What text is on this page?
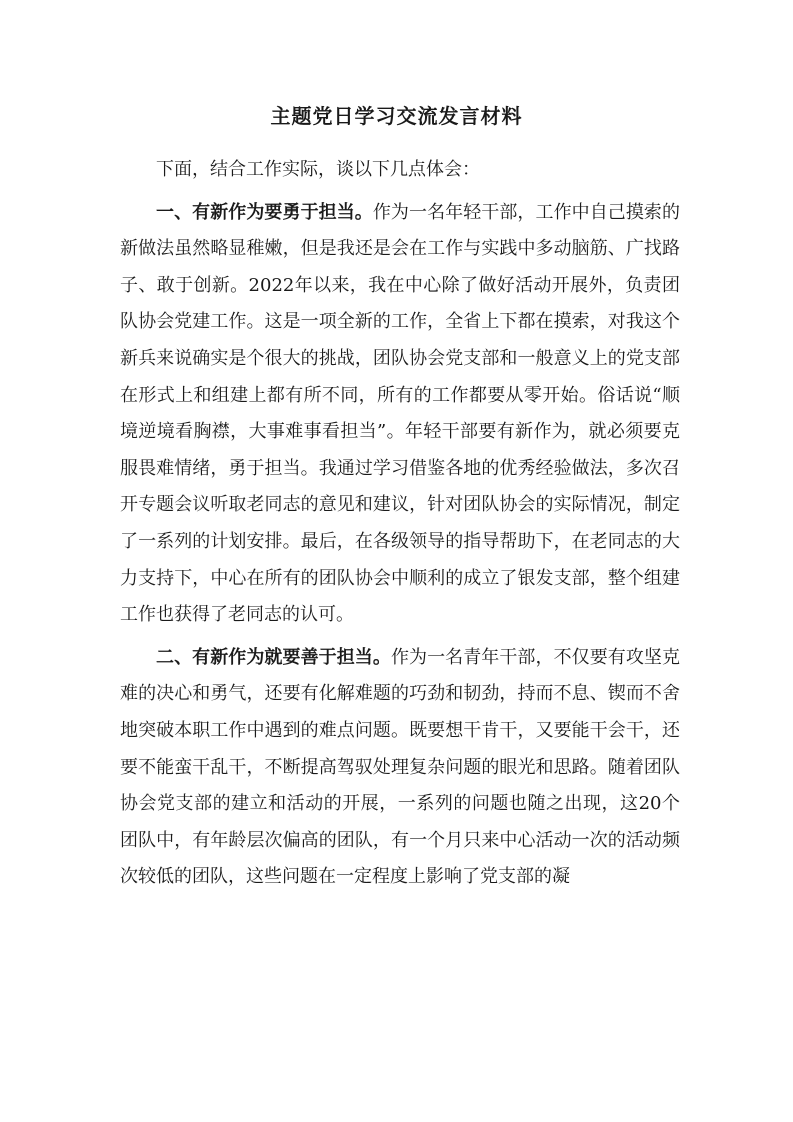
主题党日学习交流发言材料

下面，结合工作实际，谈以下几点体会：

一、有新作为要勇于担当。作为一名年轻干部，工作中自己摸索的新做法虽然略显稚嫩，但是我还是会在工作与实践中多动脑筋、广找路子、敢于创新。2022年以来，我在中心除了做好活动开展外，负责团队协会党建工作。这是一项全新的工作，全省上下都在摸索，对我这个新兵来说确实是个很大的挑战，团队协会党支部和一般意义上的党支部在形式上和组建上都有所不同，所有的工作都要从零开始。俗话说“顺境逆境看胸襟，大事难事看担当”。年轻干部要有新作为，就必须要克服畏难情绪，勇于担当。我通过学习借鉴各地的优秀经验做法，多次召开专题会议听取老同志的意见和建议，针对团队协会的实际情况，制定了一系列的计划安排。最后，在各级领导的指导帮助下，在老同志的大力支持下，中心在所有的团队协会中顺利的成立了银发支部，整个组建工作也获得了老同志的认可。

二、有新作为就要善于担当。作为一名青年干部，不仅要有攻坚克难的决心和勇气，还要有化解难题的巧劲和韧劲，持而不息、锲而不舍地突破本职工作中遇到的难点问题。既要想干肯干，又要能干会干，还要不能蛮干乱干，不断提高驾驭处理复杂问题的眼光和思路。随着团队协会党支部的建立和活动的开展，一系列的问题也随之出现，这20个团队中，有年龄层次偏高的团队，有一个月只来中心活动一次的活动频次较低的团队，这些问题在一定程度上影响了党支部的凝
